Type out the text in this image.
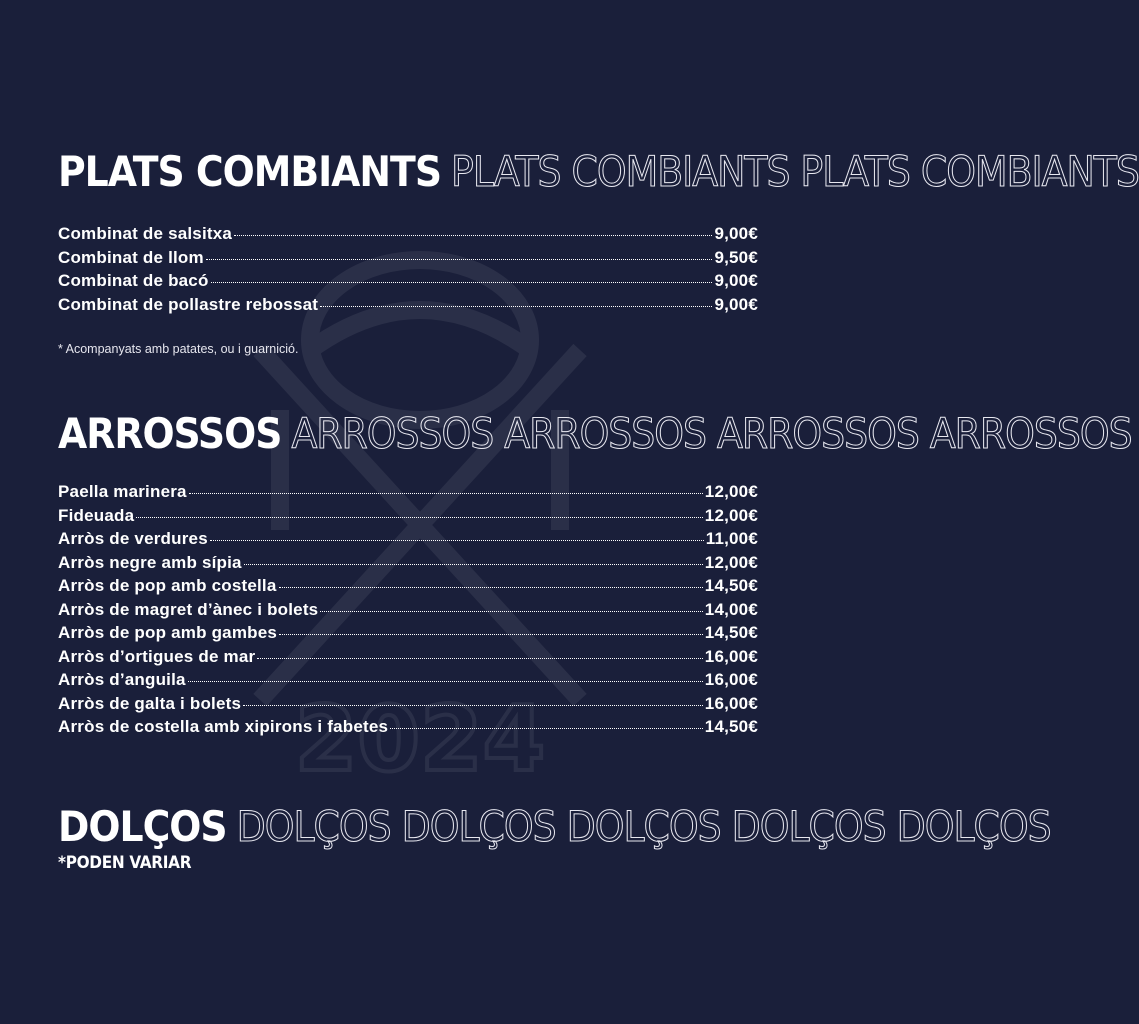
2024
PLATS COMBIANTS PLATS COMBIANTS PLATS COMBIANTS
Combinat de salsitxa	9,00€
Combinat de llom	9,50€
Combinat de bacó	9,00€
Combinat de pollastre rebossat	9,00€
* Acompanyats amb patates, ou i guarnició.
ARROSSOS ARROSSOS ARROSSOS ARROSSOS ARROSSOS
Paella marinera	12,00€
Fideuada	12,00€
Arròs de verdures	11,00€
Arròs negre amb sípia	12,00€
Arròs de pop amb costella	14,50€
Arròs de magret d’ànec i bolets	14,00€
Arròs de pop amb gambes	14,50€
Arròs d’ortigues de mar	16,00€
Arròs d’anguila	16,00€
Arròs de galta i bolets	16,00€
Arròs de costella amb xipirons i fabetes	14,50€
DOLÇOS DOLÇOS DOLÇOS DOLÇOS DOLÇOS DOLÇOS
*PODEN VARIAR
